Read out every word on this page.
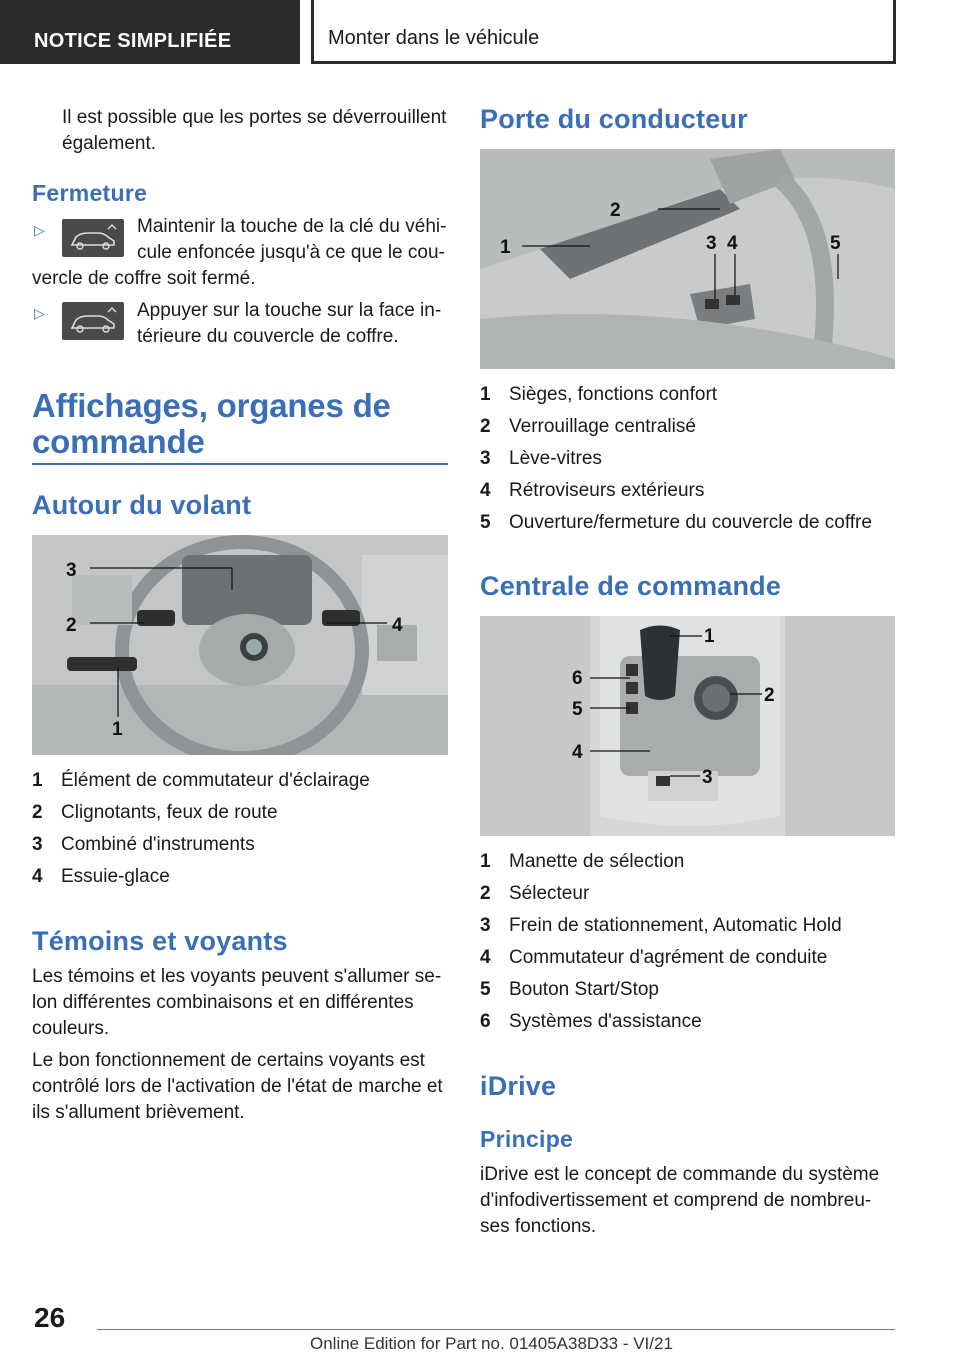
NOTICE SIMPLIFIÉE	Monter dans le véhicule
Il est possible que les portes se déverrouillent
également.
Fermeture
▷	Maintenir la touche de la clé du véhi-
cule enfoncée jusqu'à ce que le cou-
vercle de coffre soit fermé.
▷	Appuyer sur la touche sur la face in-
térieure du couvercle de coffre.
Affichages, organes de
commande
Autour du volant
3
2	4
1
1 Élément de commutateur d'éclairage
2 Clignotants, feux de route
3 Combiné d'instruments
4 Essuie-glace
Témoins et voyants
Les témoins et les voyants peuvent s'allumer se-
lon différentes combinaisons et en différentes
couleurs.
Le bon fonctionnement de certains voyants est
contrôlé lors de l'activation de l'état de marche et
ils s'allument brièvement.
Porte du conducteur
2
1	3 4	5
1 Sièges, fonctions confort
2 Verrouillage centralisé
3 Lève-vitres
4 Rétroviseurs extérieurs
5 Ouverture/fermeture du couvercle de coffre
Centrale de commande
1
6
2
5
4
3
1 Manette de sélection
2 Sélecteur
3 Frein de stationnement, Automatic Hold
4 Commutateur d'agrément de conduite
5 Bouton Start/Stop
6 Systèmes d'assistance
iDrive
Principe
iDrive est le concept de commande du système
d'infodivertissement et comprend de nombreu-
ses fonctions.
26
Online Edition for Part no. 01405A38D33 - VI/21
